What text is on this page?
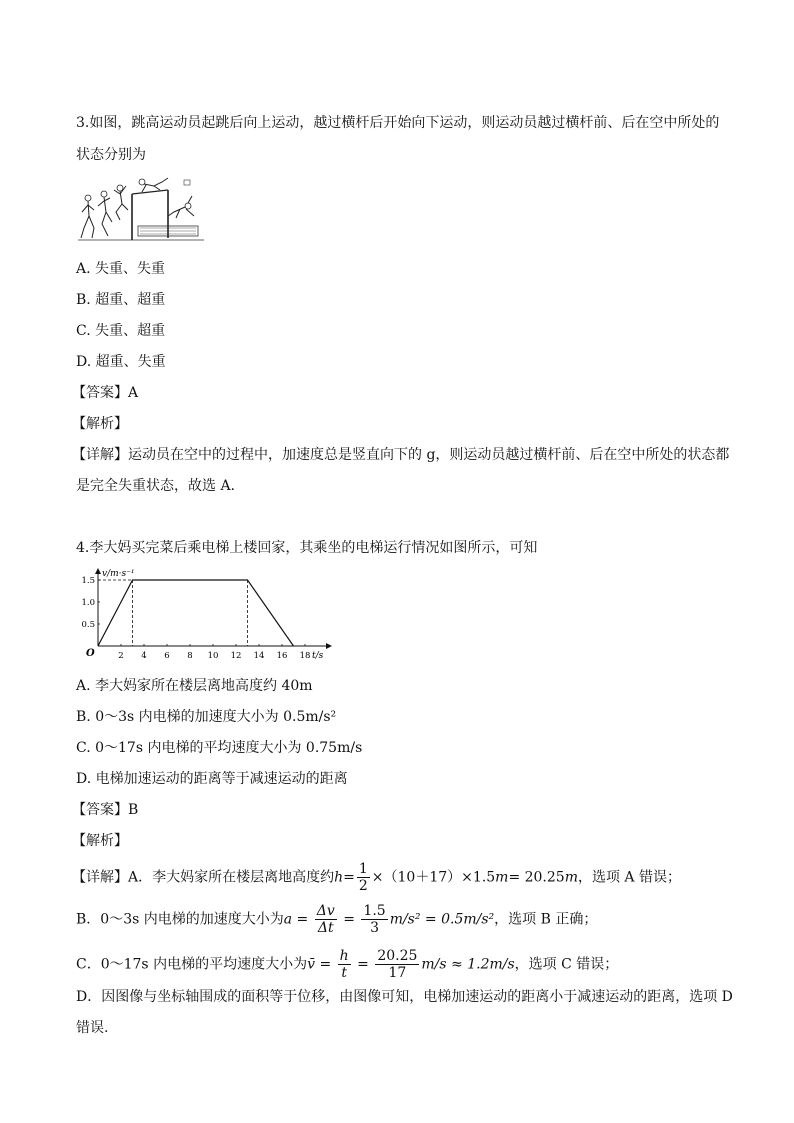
3.如图，跳高运动员起跳后向上运动，越过横杆后开始向下运动，则运动员越过横杆前、后在空中所处的
状态分别为
A. 失重、失重
B. 超重、超重
C. 失重、超重
D. 超重、失重
【答案】A
【解析】
【详解】运动员在空中的过程中，加速度总是竖直向下的 g，则运动员越过横杆前、后在空中所处的状态都
是完全失重状态，故选 A.
4.李大妈买完菜后乘电梯上楼回家，其乘坐的电梯运行情况如图所示，可知
v/m·s⁻¹
t/s
O	2 4 6 8 10 12 14 16 18
0.5
1.0
1.5
A. 李大妈家所在楼层离地高度约 40m
B. 0～3s 内电梯的加速度大小为 0.5m/s²
C. 0～17s 内电梯的平均速度大小为 0.75m/s
D. 电梯加速运动的距离等于减速运动的距离
【答案】B
【解析】
【详解】A．李大妈家所在楼层离地高度约$h= \frac{1}{2} \times(10+17)\times 1.5m= 20.25m$，选项 A 错误；
B．0～3s 内电梯的加速度大小为$a = \frac{\Delta v}{\Delta t} = \frac{1.5}{3} m/s^2 = 0.5m/s^2$，选项 B 正确；
C．0～17s 内电梯的平均速度大小为v̄ = $\frac{h}{t} = \frac{20.25}{17} m/s \approx 1.2m/s$，选项 C 错误；
D．因图像与坐标轴围成的面积等于位移，由图像可知，电梯加速运动的距离小于减速运动的距离，选项 D
错误.
